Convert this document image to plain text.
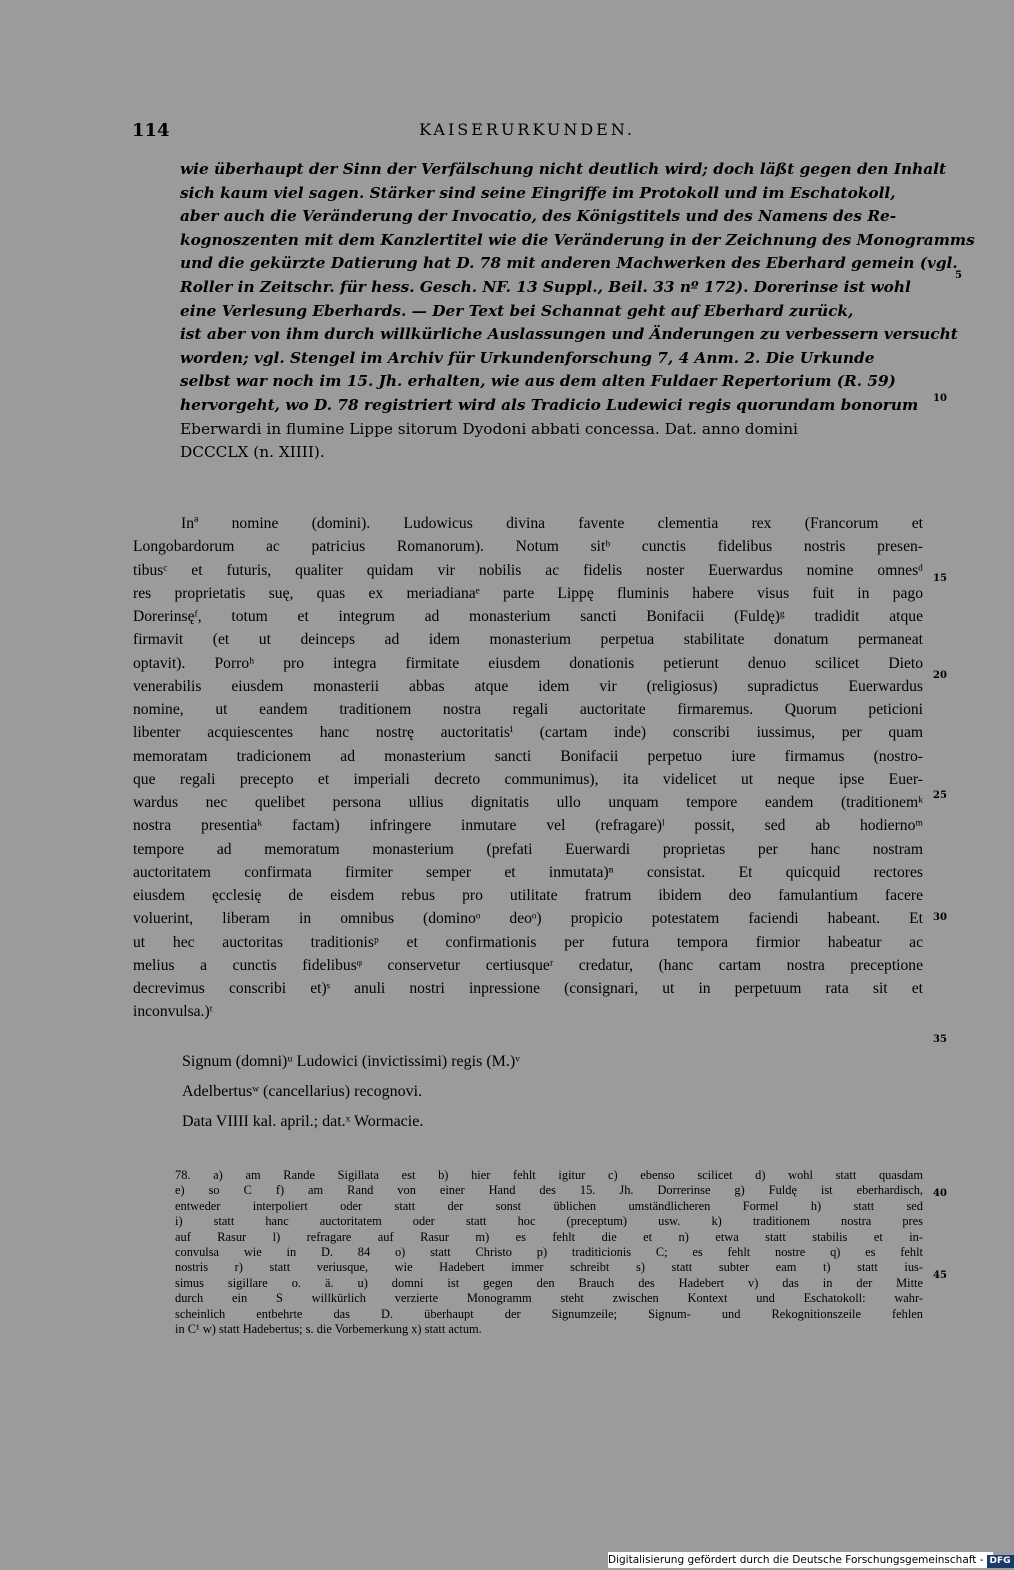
114	KAISERURKUNDEN.
wie überhaupt der Sinn der Verfälschung nicht deutlich wird; doch läßt gegen den Inhalt
sich kaum viel sagen. Stärker sind seine Eingriffe im Protokoll und im Eschatokoll,
aber auch die Veränderung der Invocatio, des Königstitels und des Namens des Re-
kognoszenten mit dem Kanzlertitel wie die Veränderung in der Zeichnung des Monogramms
und die gekürzte Datierung hat D. 78 mit anderen Machwerken des Eberhard gemein (vgl.
Roller in Zeitschr. für hess. Gesch. NF. 13 Suppl., Beil. 33 nº 172). Dorerinse ist wohl
eine Verlesung Eberhards. — Der Text bei Schannat geht auf Eberhard zurück,
ist aber von ihm durch willkürliche Auslassungen und Änderungen zu verbessern versucht
worden; vgl. Stengel im Archiv für Urkundenforschung 7, 4 Anm. 2. Die Urkunde
selbst war noch im 15. Jh. erhalten, wie aus dem alten Fuldaer Repertorium (R. 59)
hervorgeht, wo D. 78 registriert wird als Tradicio Ludewici regis quorundam bonorum
Eberwardi in flumine Lippe sitorum Dyodoni abbati concessa. Dat. anno domini
DCCCLX (n. XIIII).
Inª nomine (domini). Ludowicus divina favente clementia rex (Francorum et
Longobardorum ac patricius Romanorum). Notum sitᵇ cunctis fidelibus nostris presen-
tibusᶜ et futuris, qualiter quidam vir nobilis ac fidelis noster Euerwardus nomine omnesᵈ
res proprietatis suę, quas ex meriadianaᵉ parte Lippę fluminis habere visus fuit in pago
Dorerinsęᶠ, totum et integrum ad monasterium sancti Bonifacii (Fuldę)ᵍ tradidit atque
firmavit (et ut deinceps ad idem monasterium perpetua stabilitate donatum permaneat
optavit). Porroʰ pro integra firmitate eiusdem donationis petierunt denuo scilicet Dieto
venerabilis eiusdem monasterii abbas atque idem vir (religiosus) supradictus Euerwardus
nomine, ut eandem traditionem nostra regali auctoritate firmaremus. Quorum peticioni
libenter acquiescentes hanc nostrę auctoritatisⁱ (cartam inde) conscribi iussimus, per quam
memoratam tradicionem ad monasterium sancti Bonifacii perpetuo iure firmamus (nostro-
que regali precepto et imperiali decreto communimus), ita videlicet ut neque ipse Euer-
wardus nec quelibet persona ullius dignitatis ullo unquam tempore eandem (traditionemᵏ
nostra presentiaᵏ factam) infringere inmutare vel (refragare)ˡ possit, sed ab hodiernoᵐ
tempore ad memoratum monasterium (prefati Euerwardi proprietas per hanc nostram
auctoritatem confirmata firmiter semper et inmutata)ⁿ consistat. Et quicquid rectores
eiusdem ęcclesię de eisdem rebus pro utilitate fratrum ibidem deo famulantium facere
voluerint, liberam in omnibus (dominoᵒ deoᵒ) propicio potestatem faciendi habeant. Et
ut hec auctoritas traditionisᵖ et confirmationis per futura tempora firmior habeatur ac
melius a cunctis fidelibusᵠ conservetur certiusqueʳ credatur, (hanc cartam nostra preceptione
decrevimus conscribi et)ˢ anuli nostri inpressione (consignari, ut in perpetuum rata sit et
inconvulsa.)ᵗ
Signum (domni)ᵘ Ludowici (invictissimi) regis (M.)ᵛ
Adelbertusʷ (cancellarius) recognovi.
Data VIIII kal. april.; dat.ˣ Wormacie.
78. a) am Rande Sigillata est b) hier fehlt igitur c) ebenso scilicet d) wohl statt quasdam
e) so C f) am Rand von einer Hand des 15. Jh. Dorrerinse g) Fuldę ist eberhardisch,
entweder interpoliert oder statt der sonst üblichen umständlicheren Formel h) statt sed
i) statt hanc auctoritatem oder statt hoc (preceptum) usw. k) traditionem nostra pres
auf Rasur l) refragare auf Rasur m) es fehlt die et n) etwa statt stabilis et in-
convulsa wie in D. 84 o) statt Christo p) traditicionis C; es fehlt nostre q) es fehlt
nostris r) statt veriusque, wie Hadebert immer schreibt s) statt subter eam t) statt ius-
simus sigillare o. ä. u) domni ist gegen den Brauch des Hadebert v) das in der Mitte
durch ein S willkürlich verzierte Monogramm steht zwischen Kontext und Eschatokoll: wahr-
scheinlich entbehrte das D. überhaupt der Signumzeile; Signum- und Rekognitionszeile fehlen
in C¹ w) statt Hadebertus; s. die Vorbemerkung x) statt actum.
5
10
15
20
25
30
35
40
45
Digitalisierung gefördert durch die Deutsche Forschungsgemeinschaft - DFG
